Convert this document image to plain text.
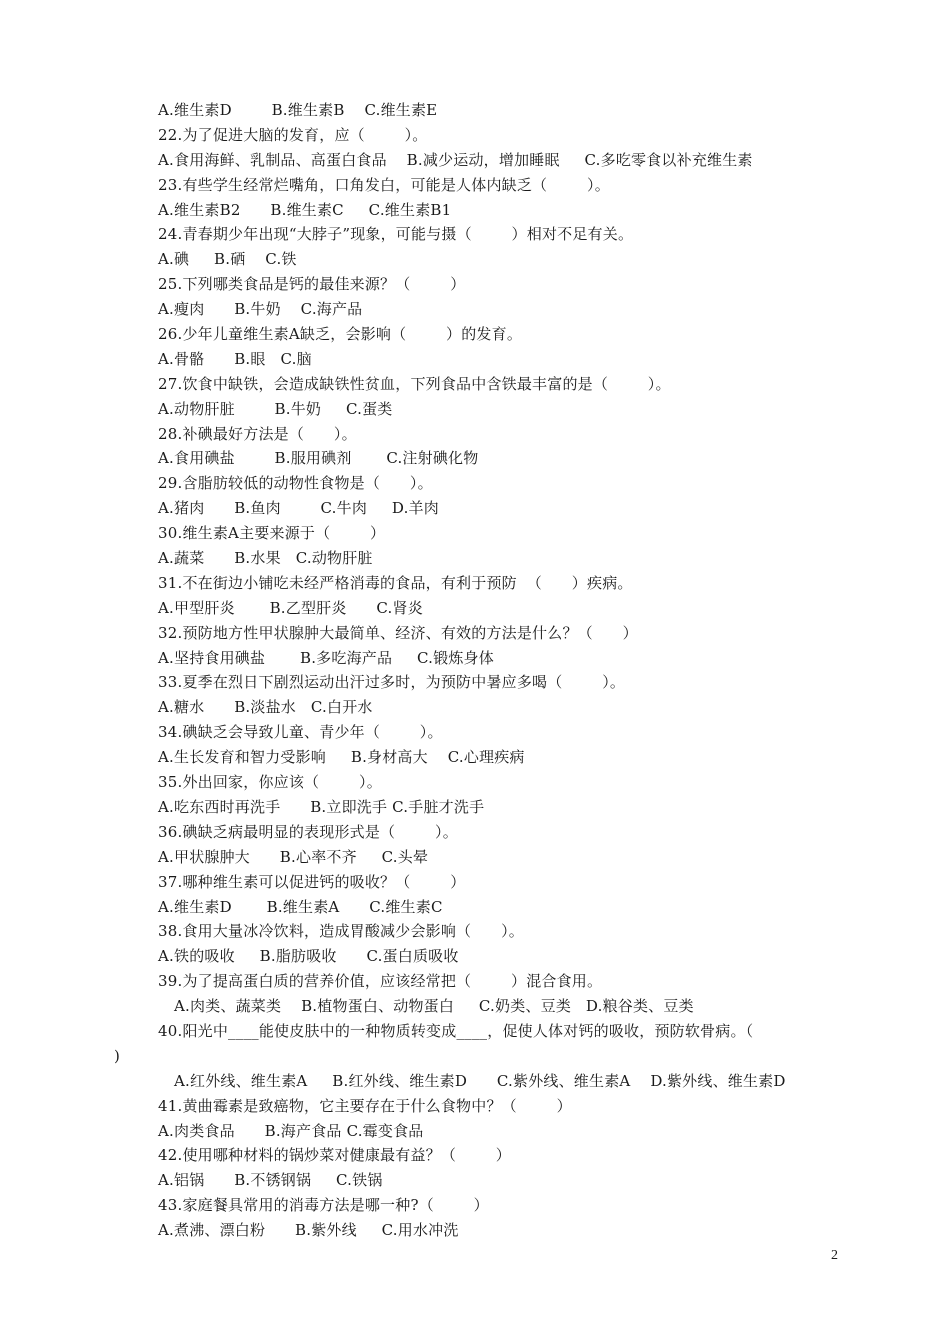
A.维生素D        B.维生素B    C.维生素E
22.为了促进大脑的发育，应（        ）。
A.食用海鲜、乳制品、高蛋白食品    B.减少运动，增加睡眠     C.多吃零食以补充维生素
23.有些学生经常烂嘴角，口角发白，可能是人体内缺乏（        ）。
A.维生素B2      B.维生素C     C.维生素B1
24.青春期少年出现“大脖子”现象，可能与摄（        ）相对不足有关。
A.碘     B.硒    C.铁
25.下列哪类食品是钙的最佳来源？（        ）
A.瘦肉      B.牛奶    C.海产品
26.少年儿童维生素A缺乏，会影响（        ）的发育。
A.骨骼      B.眼   C.脑
27.饮食中缺铁，会造成缺铁性贫血，下列食品中含铁最丰富的是（        ）。
A.动物肝脏        B.牛奶     C.蛋类
28.补碘最好方法是（      ）。
A.食用碘盐        B.服用碘剂       C.注射碘化物
29.含脂肪较低的动物性食物是（      ）。
A.猪肉      B.鱼肉        C.牛肉     D.羊肉
30.维生素A主要来源于（        ）
A.蔬菜      B.水果   C.动物肝脏
31.不在街边小铺吃未经严格消毒的食品，有利于预防  （      ）疾病。
A.甲型肝炎       B.乙型肝炎      C.肾炎
32.预防地方性甲状腺肿大最简单、经济、有效的方法是什么？（      ）
A.坚持食用碘盐       B.多吃海产品     C.锻炼身体
33.夏季在烈日下剧烈运动出汗过多时，为预防中暑应多喝（        ）。
A.糖水      B.淡盐水   C.白开水
34.碘缺乏会导致儿童、青少年（        ）。
A.生长发育和智力受影响     B.身材高大    C.心理疾病
35.外出回家，你应该（        ）。
A.吃东西时再洗手      B.立即洗手 C.手脏才洗手
36.碘缺乏病最明显的表现形式是（        ）。
A.甲状腺肿大      B.心率不齐     C.头晕
37.哪种维生素可以促进钙的吸收？（        ）
A.维生素D       B.维生素A      C.维生素C
38.食用大量冰冷饮料，造成胃酸减少会影响（      ）。
A.铁的吸收     B.脂肪吸收      C.蛋白质吸收
39.为了提高蛋白质的营养价值，应该经常把（        ）混合食用。
A.肉类、蔬菜类    B.植物蛋白、动物蛋白     C.奶类、豆类   D.粮谷类、豆类
40.阳光中____能使皮肤中的一种物质转变成____，促使人体对钙的吸收，预防软骨病。（
)
A.红外线、维生素A     B.红外线、维生素D      C.紫外线、维生素A    D.紫外线、维生素D
41.黄曲霉素是致癌物，它主要存在于什么食物中？（        ）
A.肉类食品      B.海产食品 C.霉变食品
42.使用哪种材料的锅炒菜对健康最有益？（        ）
A.铝锅      B.不锈钢锅     C.铁锅
43.家庭餐具常用的消毒方法是哪一种?（        ）
A.煮沸、漂白粉      B.紫外线     C.用水冲洗
2
